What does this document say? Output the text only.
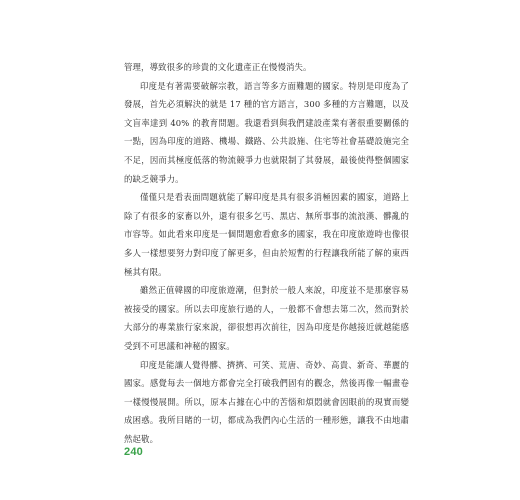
管理，導致很多的珍貴的文化遺產正在慢慢消失。

印度是有著需要破解宗教，語言等多方面難題的國家。特別是印度為了發展，首先必須解決的就是 17 種的官方語言，300 多種的方言難題，以及文盲率達到 40% 的教育問題。我還看到與我們建設產業有著很重要關係的一點，因為印度的道路、機場、鐵路、公共設施、住宅等社會基礎設施完全不足，因而其極度低落的物流競爭力也就限制了其發展，最後使得整個國家的缺乏競爭力。

僅僅只是看表面問題就能了解印度是具有很多消極因素的國家，道路上除了有很多的家畜以外，還有很多乞丐、黑店、無所事事的流浪漢、髒亂的市容等。如此看來印度是一個問題愈看愈多的國家，我在印度旅遊時也像很多人一樣想要努力對印度了解更多，但由於短暫的行程讓我所能了解的東西極其有限。

雖然正值韓國的印度旅遊潮，但對於一般人來說，印度並不是那麼容易被接受的國家。所以去印度旅行過的人，一般都不會想去第二次，然而對於大部分的專業旅行家來說，卻很想再次前往，因為印度是你越接近就越能感受到不可思議和神秘的國家。

印度是能讓人覺得髒、擠擠、可笑、荒唐、奇妙、高貴、新奇、華麗的國家。感覺每去一個地方都會完全打破我們固有的觀念，然後再像一幅畫卷一樣慢慢展開。所以，原本占據在心中的苦惱和煩悶就會因眼前的現實而變成困惑。我所目睹的一切，都成為我們內心生活的一種形態，讓我不由地肅然起敬。

240
